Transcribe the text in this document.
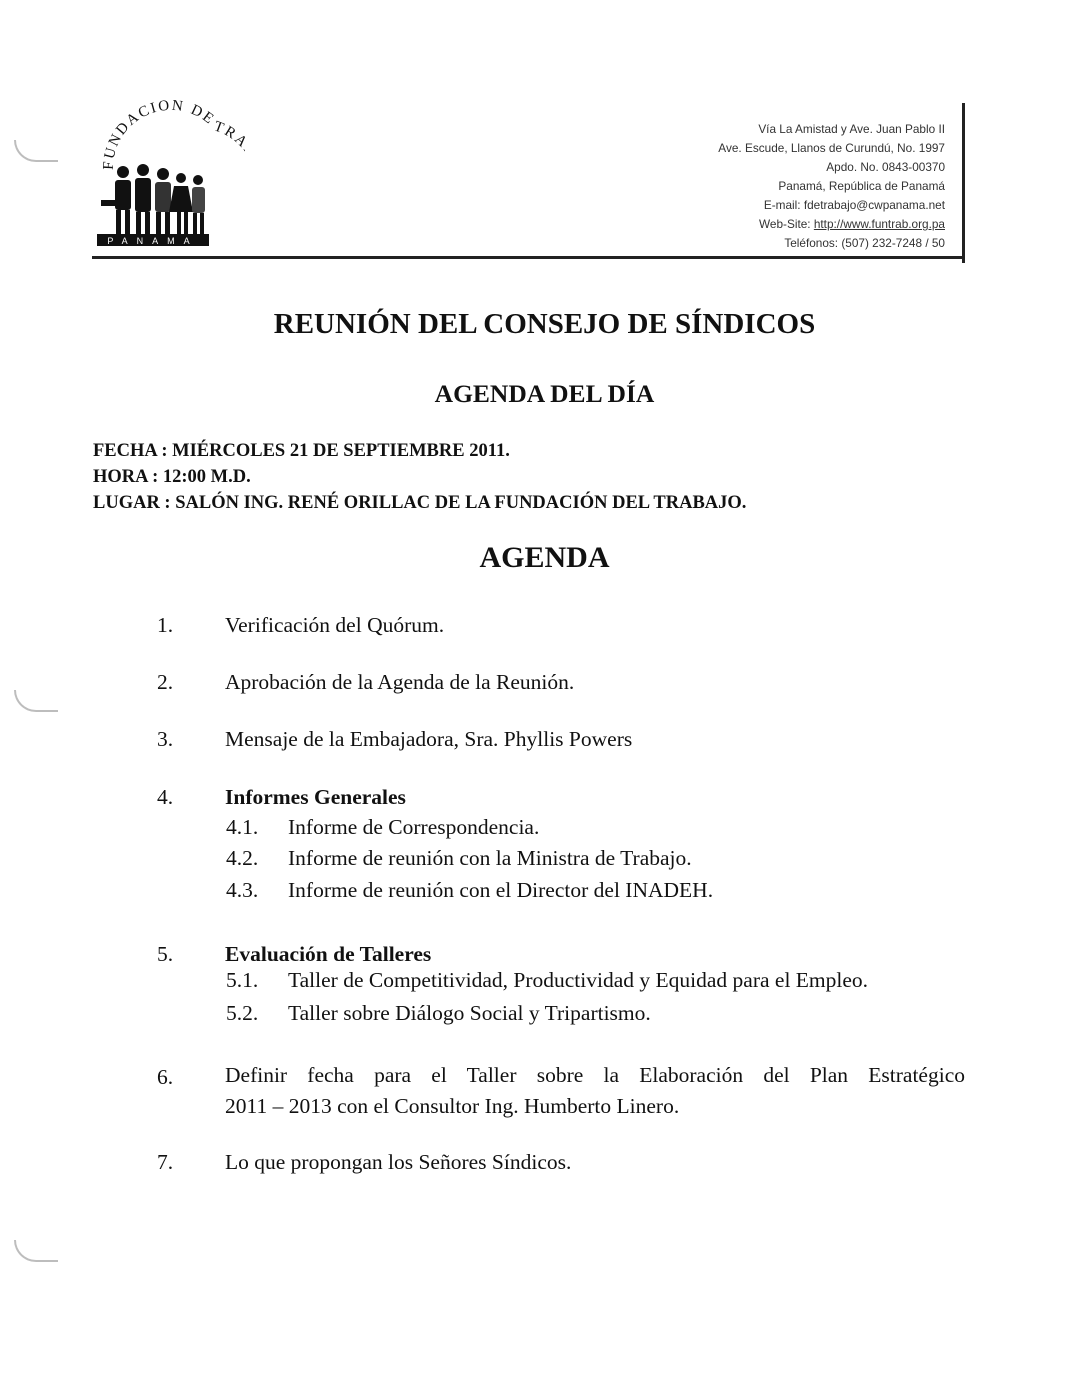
FUNDACION DE
TR
PANAMA
Vía La Amistad y Ave. Juan Pablo II
Ave. Escude, Llanos de Curundú, No. 1997
Apdo. No. 0843-00370
Panamá, República de Panamá
E-mail: fdetrabajo@cwpanama.net
Web-Site: http://www.funtrab.org.pa
Teléfonos: (507) 232-7248 / 50
REUNIÓN DEL CONSEJO DE SÍNDICOS
AGENDA DEL DÍA
FECHA : MIÉRCOLES 21 DE SEPTIEMBRE 2011.
HORA : 12:00 M.D.
LUGAR : SALÓN ING. RENÉ ORILLAC DE LA FUNDACIÓN DEL TRABAJO.
AGENDA
1. Verificación del Quórum.
2. Aprobación de la Agenda de la Reunión.
3. Mensaje de la Embajadora, Sra. Phyllis Powers
4. Informes Generales
4.1. Informe de Correspondencia.
4.2. Informe de reunión con la Ministra de Trabajo.
4.3. Informe de reunión con el Director del INADEH.
5. Evaluación de Talleres
5.1. Taller de Competitividad, Productividad y Equidad para el Empleo.
5.2. Taller sobre Diálogo Social y Tripartismo.
6. Definir fecha para el Taller sobre la Elaboración del Plan Estratégico
2011 – 2013 con el Consultor Ing. Humberto Linero.
7. Lo que propongan los Señores Síndicos.
